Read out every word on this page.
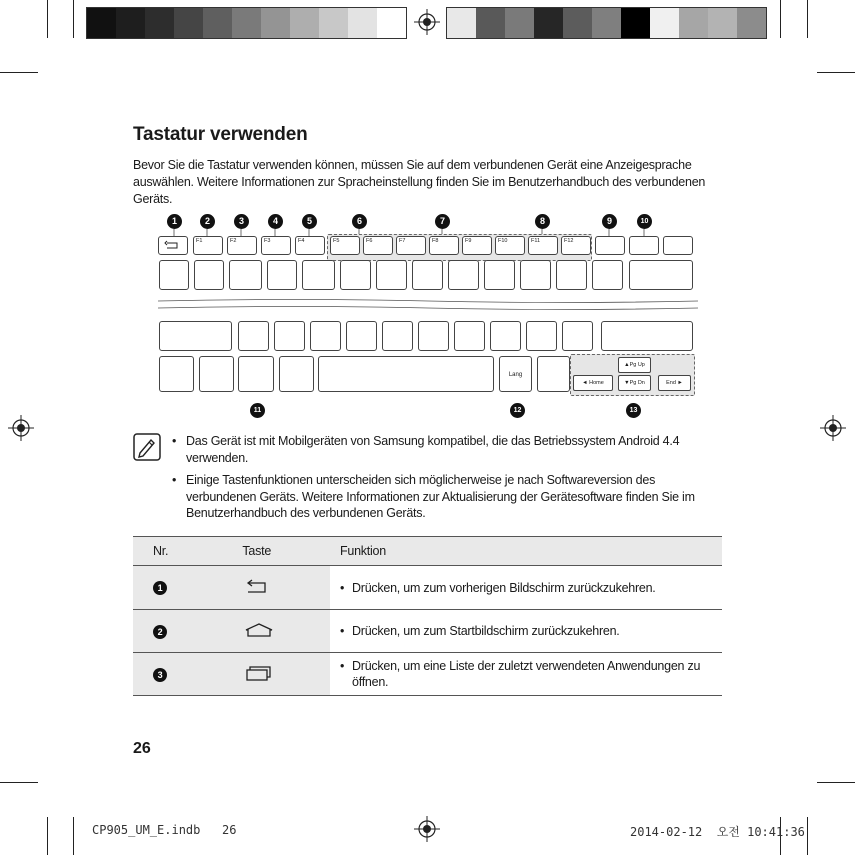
Tastatur verwenden
Bevor Sie die Tastatur verwenden können, müssen Sie auf dem verbundenen Gerät eine Anzeigesprache auswählen. Weitere Informationen zur Spracheinstellung finden Sie im Benutzerhandbuch des verbundenen Geräts.
1	2	3	4	5	6	7	8	9	10
F1	F2	F3	F4	F5	F6	F7	F8	F9	F10	F11	F12
Lang
▲Pg Up
◄ Home	▼Pg Dn	End ►
11	12	13
• Das Gerät ist mit Mobilgeräten von Samsung kompatibel, die das Betriebssystem Android 4.4 verwenden.
• Einige Tastenfunktionen unterscheiden sich möglicherweise je nach Softwareversion des verbundenen Geräts. Weitere Informationen zur Aktualisierung der Gerätesoftware finden Sie im Benutzerhandbuch des verbundenen Geräts.
Nr.	Taste	Funktion
1		• Drücken, um zum vorherigen Bildschirm zurückzukehren.
2		• Drücken, um zum Startbildschirm zurückzukehren.
3		• Drücken, um eine Liste der zuletzt verwendeten Anwendungen zu öffnen.
26
CP905_UM_E.indb   26	2014-02-12  오전 10:41:36
